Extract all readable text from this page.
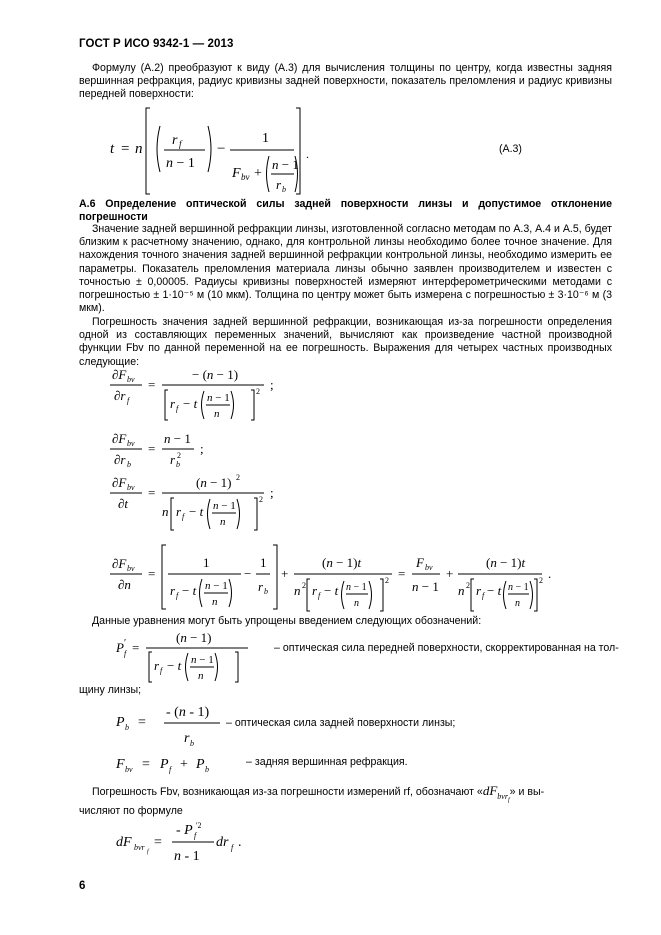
ГОСТ Р ИСО 9342-1 — 2013
Формулу (А.2) преобразуют к виду (А.3) для вычисления толщины по центру, когда известны задняя вершинная рефракция, радиус кривизны задней поверхности, показатель преломления и радиус кривизны передней поверхности:
t = n
r f
n − 1
−
1
F bv +
n − 1
r b
.	(А.3)
А.6 Определение оптической силы задней поверхности линзы и допустимое отклонение погрешности
Значение задней вершинной рефракции линзы, изготовленной согласно методам по А.3, А.4 и А.5, будет близким к расчетному значению, однако, для контрольной линзы необходимо более точное значение. Для нахождения точного значения задней вершинной рефракции контрольной линзы, необходимо измерить ее параметры. Показатель преломления материала линзы обычно заявлен производителем и известен с точностью ± 0,00005. Радиусы кривизны поверхностей измеряют интерферометрическими методами с погрешностью ± 1·10⁻⁵ м (10 мкм). Толщина по центру может быть измерена с погрешностью ± 3·10⁻⁶ м (3 мкм).
Погрешность значения задней вершинной рефракции, возникающая из-за погрешности определения одной из составляющих переменных значений, вычисляют как произведение частной производной функции Fbv по данной переменной на ее погрешность. Выражения для четырех частных производных следующие:
∂F bv
∂r f
=
− (n − 1)
r f − t n − 1
n
2 ;
∂F bv
∂r b
=
n − 1
r b
2 ;
∂F bv
∂t
=
(n − 1) 2
n r f − t n − 1
n
2 ;
∂F bv
∂n
=
1
r f − t n − 1
n
−
1
r b
+
(n − 1)t
n 2 r f − t n − 1
n
2 =
F bv
n − 1
+
(n − 1)t
n 2 r f − t n − 1
n
2 .
Данные уравнения могут быть упрощены введением следующих обозначений:
P ′
f =
(n − 1)
r f − t n − 1
n
– оптическая сила передней поверхности, скорректированная на тол-
щину линзы;
P b =
- (n - 1)
r b
– оптическая сила задней поверхности линзы;
F bv = P f + P b
– задняя вершинная рефракция.
Погрешность Fbv, возникающая из-за погрешности измерений rf, обозначают «$dF_{bvr_f}$» и вы-
числяют по формуле
dF bvr f
=
- P '2
f
n - 1
dr f .
6
